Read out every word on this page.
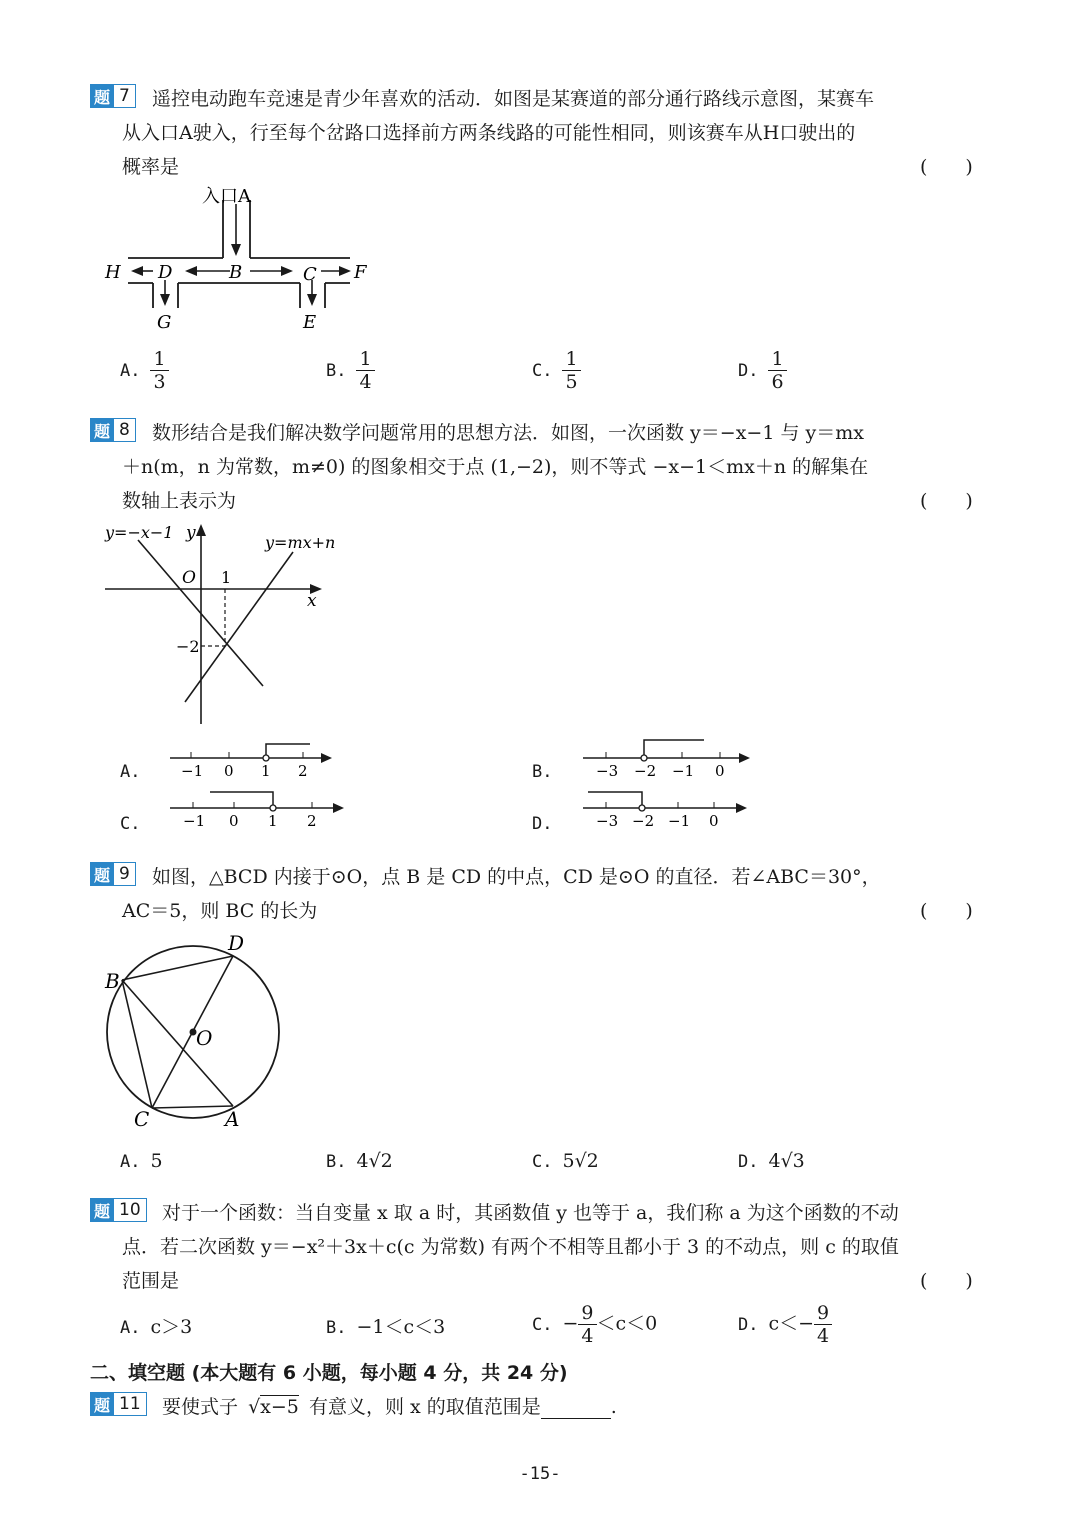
题 7	遥控电动跑车竞速是青少年喜欢的活动．如图是某赛道的部分通行路线示意图，某赛车
从入口A驶入，行至每个岔路口选择前方两条线路的可能性相同，则该赛车从H口驶出的
概率是	(　　)
入口A
H D	B	C F
G	E
A. $\frac{1}{3}$	B. $\frac{1}{4}$	C. $\frac{1}{5}$	D. $\frac{1}{6}$
题 8	数形结合是我们解决数学问题常用的思想方法．如图，一次函数 y＝−x−1 与 y＝mx
＋n(m，n 为常数，m≠0) 的图象相交于点 (1,−2)，则不等式 −x−1＜mx＋n 的解集在
数轴上表示为	(　　)
y=−x−1
y=mx+n
y
x
O 1
−2
A.	−1 0 1 2	B.	−3 −2 −1 0
C.	−1 0 1 2	D.	−3 −2 −1 0
题 9	如图，△BCD 内接于⊙O，点 B 是 CD 的中点，CD 是⊙O 的直径．若∠ABC＝30°，
AC＝5，则 BC 的长为	(　　)
B
D
O
C	A
A. 5	B. 4√2	C. 5√2	D. 4√3
题 10	对于一个函数：当自变量 x 取 a 时，其函数值 y 也等于 a，我们称 a 为这个函数的不动
点．若二次函数 y＝−x²＋3x＋c(c 为常数) 有两个不相等且都小于 3 的不动点，则 c 的取值
范围是	(　　)
A. c＞3	B. −1＜c＜3	C. − $\frac{9}{4} <c<0$	D. $c<- \frac{9}{4}$
二、填空题 (本大题有 6 小题，每小题 4 分，共 24 分)
题 11	要使式子 √x−5 有意义，则 x 的取值范围是	.
-15-
